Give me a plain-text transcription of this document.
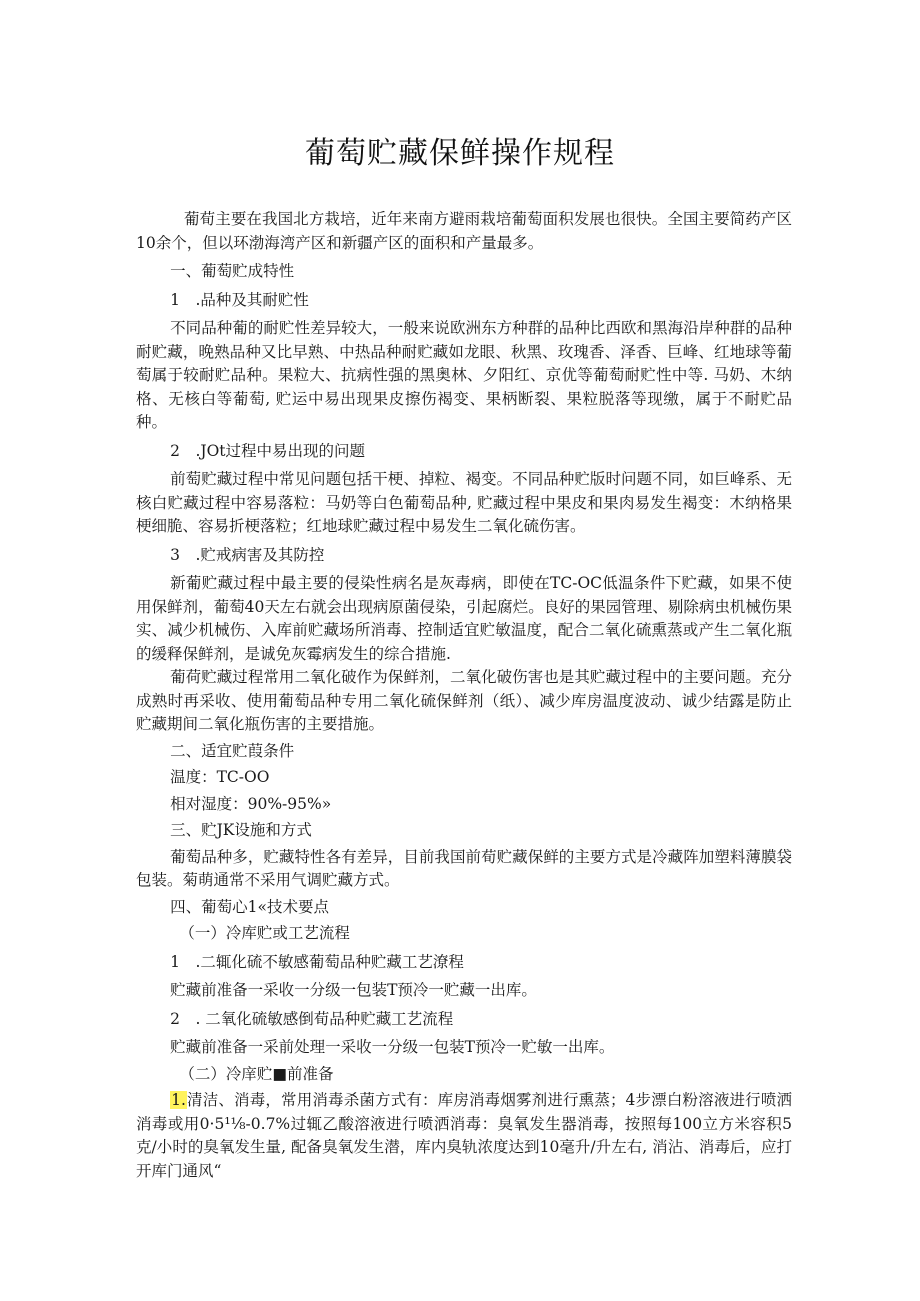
葡萄贮藏保鲜操作规程

葡荀主要在我国北方栽培，近年来南方避雨栽培葡萄面积发展也很快。全国主要简药产区10余个，但以环渤海湾产区和新疆产区的面积和产量最多。

一、葡萄贮成特性

1　.品种及其耐贮性

不同品种葡的耐贮性差异较大，一般来说欧洲东方种群的品种比西欧和黑海沿岸种群的品种耐贮藏，晚熟品种又比早熟、中热品种耐贮藏如龙眼、秋黑、玫瑰香、泽香、巨峰、红地球等葡萄属于较耐贮品种。果粒大、抗病性强的黑奥林、夕阳红、京优等葡萄耐贮性中等. 马奶、木纳格、无核白等葡萄, 贮运中易出现果皮擦伤褐变、果柄断裂、果粒脱落等现缴，属于不耐贮品种。

2　.JOt过程中易出现的问题

前萄贮藏过程中常见问题包括干梗、掉粒、褐变。不同品种贮版时问题不同，如巨峰系、无核白贮藏过程中容易落粒：马奶等白色葡萄品种, 贮藏过程中果皮和果肉易发生褐变：木纳格果梗细脆、容易折梗落粒；红地球贮藏过程中易发生二氧化硫伤害。

3　.贮戒病害及其防控

新葡贮藏过程中最主要的侵染性病名是灰毒病，即使在TC-OC低温条件下贮藏，如果不使用保鲜剂，葡萄40天左右就会出现病原菌侵染，引起腐烂。良好的果园管理、剔除病虫机械伤果实、减少机械伤、入库前贮藏场所消毒、控制适宜贮敏温度，配合二氧化硫熏蒸或产生二氧化瓶的缓释保鲜剂，是诚免灰霉病发生的综合措施.

葡荷贮藏过程常用二氧化破作为保鲜剂，二氧化破伤害也是其贮藏过程中的主要问题。充分成熟时再采收、使用葡萄品种专用二氧化硫保鲜剂（纸）、减少库房温度波动、诚少结露是防止贮藏期间二氧化瓶伤害的主要措施。

二、适宜贮葭条件

温度：TC-OO

相对湿度：90%-95%»

三、贮JK设施和方式

葡萄品种多，贮藏特性各有差异，目前我国前荀贮藏保鲜的主要方式是冷藏阵加塑料薄膜袋包装。菊萌通常不采用气调贮藏方式。

四、葡萄心1«技术要点

（一）冷库贮或工艺流程

1　.二辄化硫不敏感葡萄品种贮藏工艺潦程

贮藏前准备一采收一分级一包装T预冷一贮藏一出库。

2　. 二氧化硫敏感倒荀品种贮藏工艺流程

贮藏前准备一采前处理一采收一分级一包装T预冷一贮敏一出库。

（二）冷庠贮■前准备

1.清洁、消毒，常用消毒杀菌方式有：库房消毒烟雾剂进行熏蒸；4步漂白粉溶液进行喷洒消毒或用0·5¹⅛-0.7%过辄乙酸溶液进行喷洒消毒：臭氧发生器消毒，按照每100立方米容积5克/小时的臭氧发生量, 配备臭氧发生潜，库内臭轨浓度达到10毫升/升左右, 消沾、消毒后，应打开库门通风“
